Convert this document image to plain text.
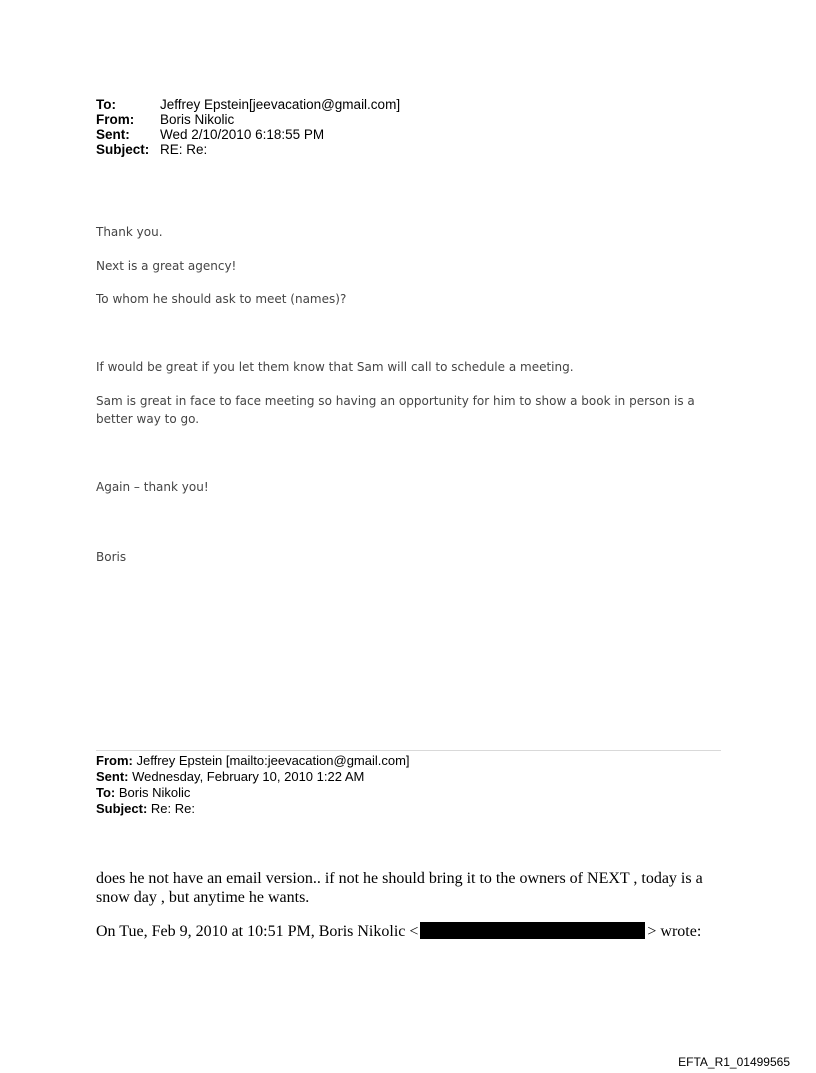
To:	Jeffrey Epstein[jeevacation@gmail.com]
From:	Boris Nikolic
Sent:	Wed 2/10/2010 6:18:55 PM
Subject: RE: Re:

Thank you.

Next is a great agency!

To whom he should ask to meet (names)?

If would be great if you let them know that Sam will call to schedule a meeting.

Sam is great in face to face meeting so having an opportunity for him to show a book in person is a

better way to go.

Again – thank you!

Boris

From: Jeffrey Epstein [mailto:jeevacation@gmail.com]
Sent: Wednesday, February 10, 2010 1:22 AM
To: Boris Nikolic
Subject: Re: Re:
does he not have an email version.. if not he should bring it to the owners of NEXT , today is a
snow day , but anytime he wants.
On Tue, Feb 9, 2010 at 10:51 PM, Boris Nikolic <	> wrote:
EFTA_R1_01499565
